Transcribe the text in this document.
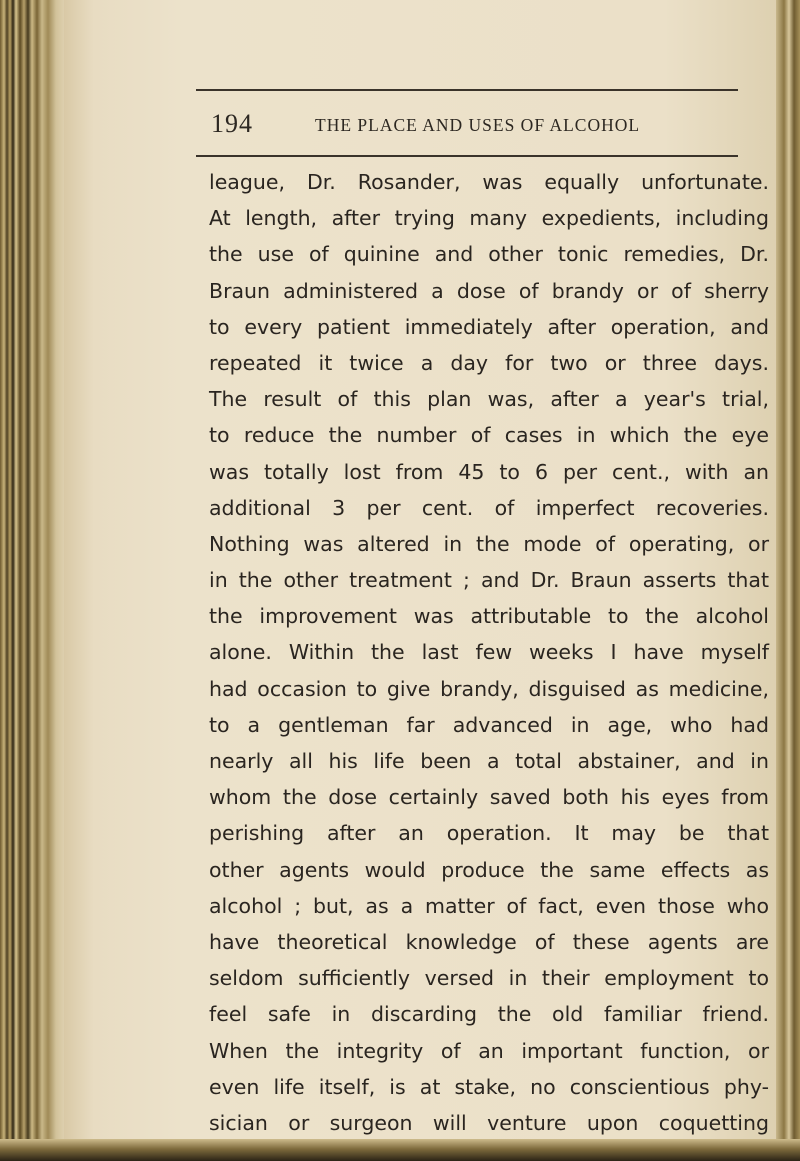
194	THE PLACE AND USES OF ALCOHOL
league, Dr. Rosander, was equally unfortunate.
At length, after trying many expedients, including
the use of quinine and other tonic remedies, Dr.
Braun administered a dose of brandy or of sherry
to every patient immediately after operation, and
repeated it twice a day for two or three days.
The result of this plan was, after a year's trial,
to reduce the number of cases in which the eye
was totally lost from 45 to 6 per cent., with an
additional 3 per cent. of imperfect recoveries.
Nothing was altered in the mode of operating, or
in the other treatment ; and Dr. Braun asserts that
the improvement was attributable to the alcohol
alone. Within the last few weeks I have myself
had occasion to give brandy, disguised as medicine,
to a gentleman far advanced in age, who had
nearly all his life been a total abstainer, and in
whom the dose certainly saved both his eyes from
perishing after an operation. It may be that
other agents would produce the same effects as
alcohol ; but, as a matter of fact, even those who
have theoretical knowledge of these agents are
seldom sufficiently versed in their employment to
feel safe in discarding the old familiar friend.
When the integrity of an important function, or
even life itself, is at stake, no conscientious phy-
sician or surgeon will venture upon coquetting
